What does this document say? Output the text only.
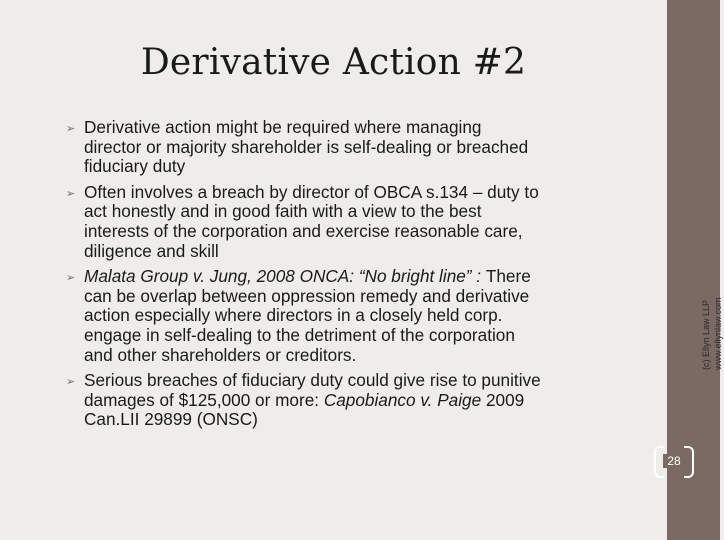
Derivative Action #2
➢ Derivative action might be required where managing
director or majority shareholder is self-dealing or breached
fiduciary duty
➢ Often involves a breach by director of OBCA s.134 – duty to
act honestly and in good faith with a view to the best
interests of the corporation and exercise reasonable care,
diligence and skill
➢ Malata Group v. Jung, 2008 ONCA: “No bright line” : There
can be overlap between oppression remedy and derivative
action especially where directors in a closely held corp.
engage in self-dealing to the detriment of the corporation
and other shareholders or creditors.
➢ Serious breaches of fiduciary duty could give rise to punitive
damages of $125,000 or more: Capobianco v. Paige 2009
Can.LII 29899 (ONSC)
(c) Ellyn Law LLP www.ellynlaw.com
28
